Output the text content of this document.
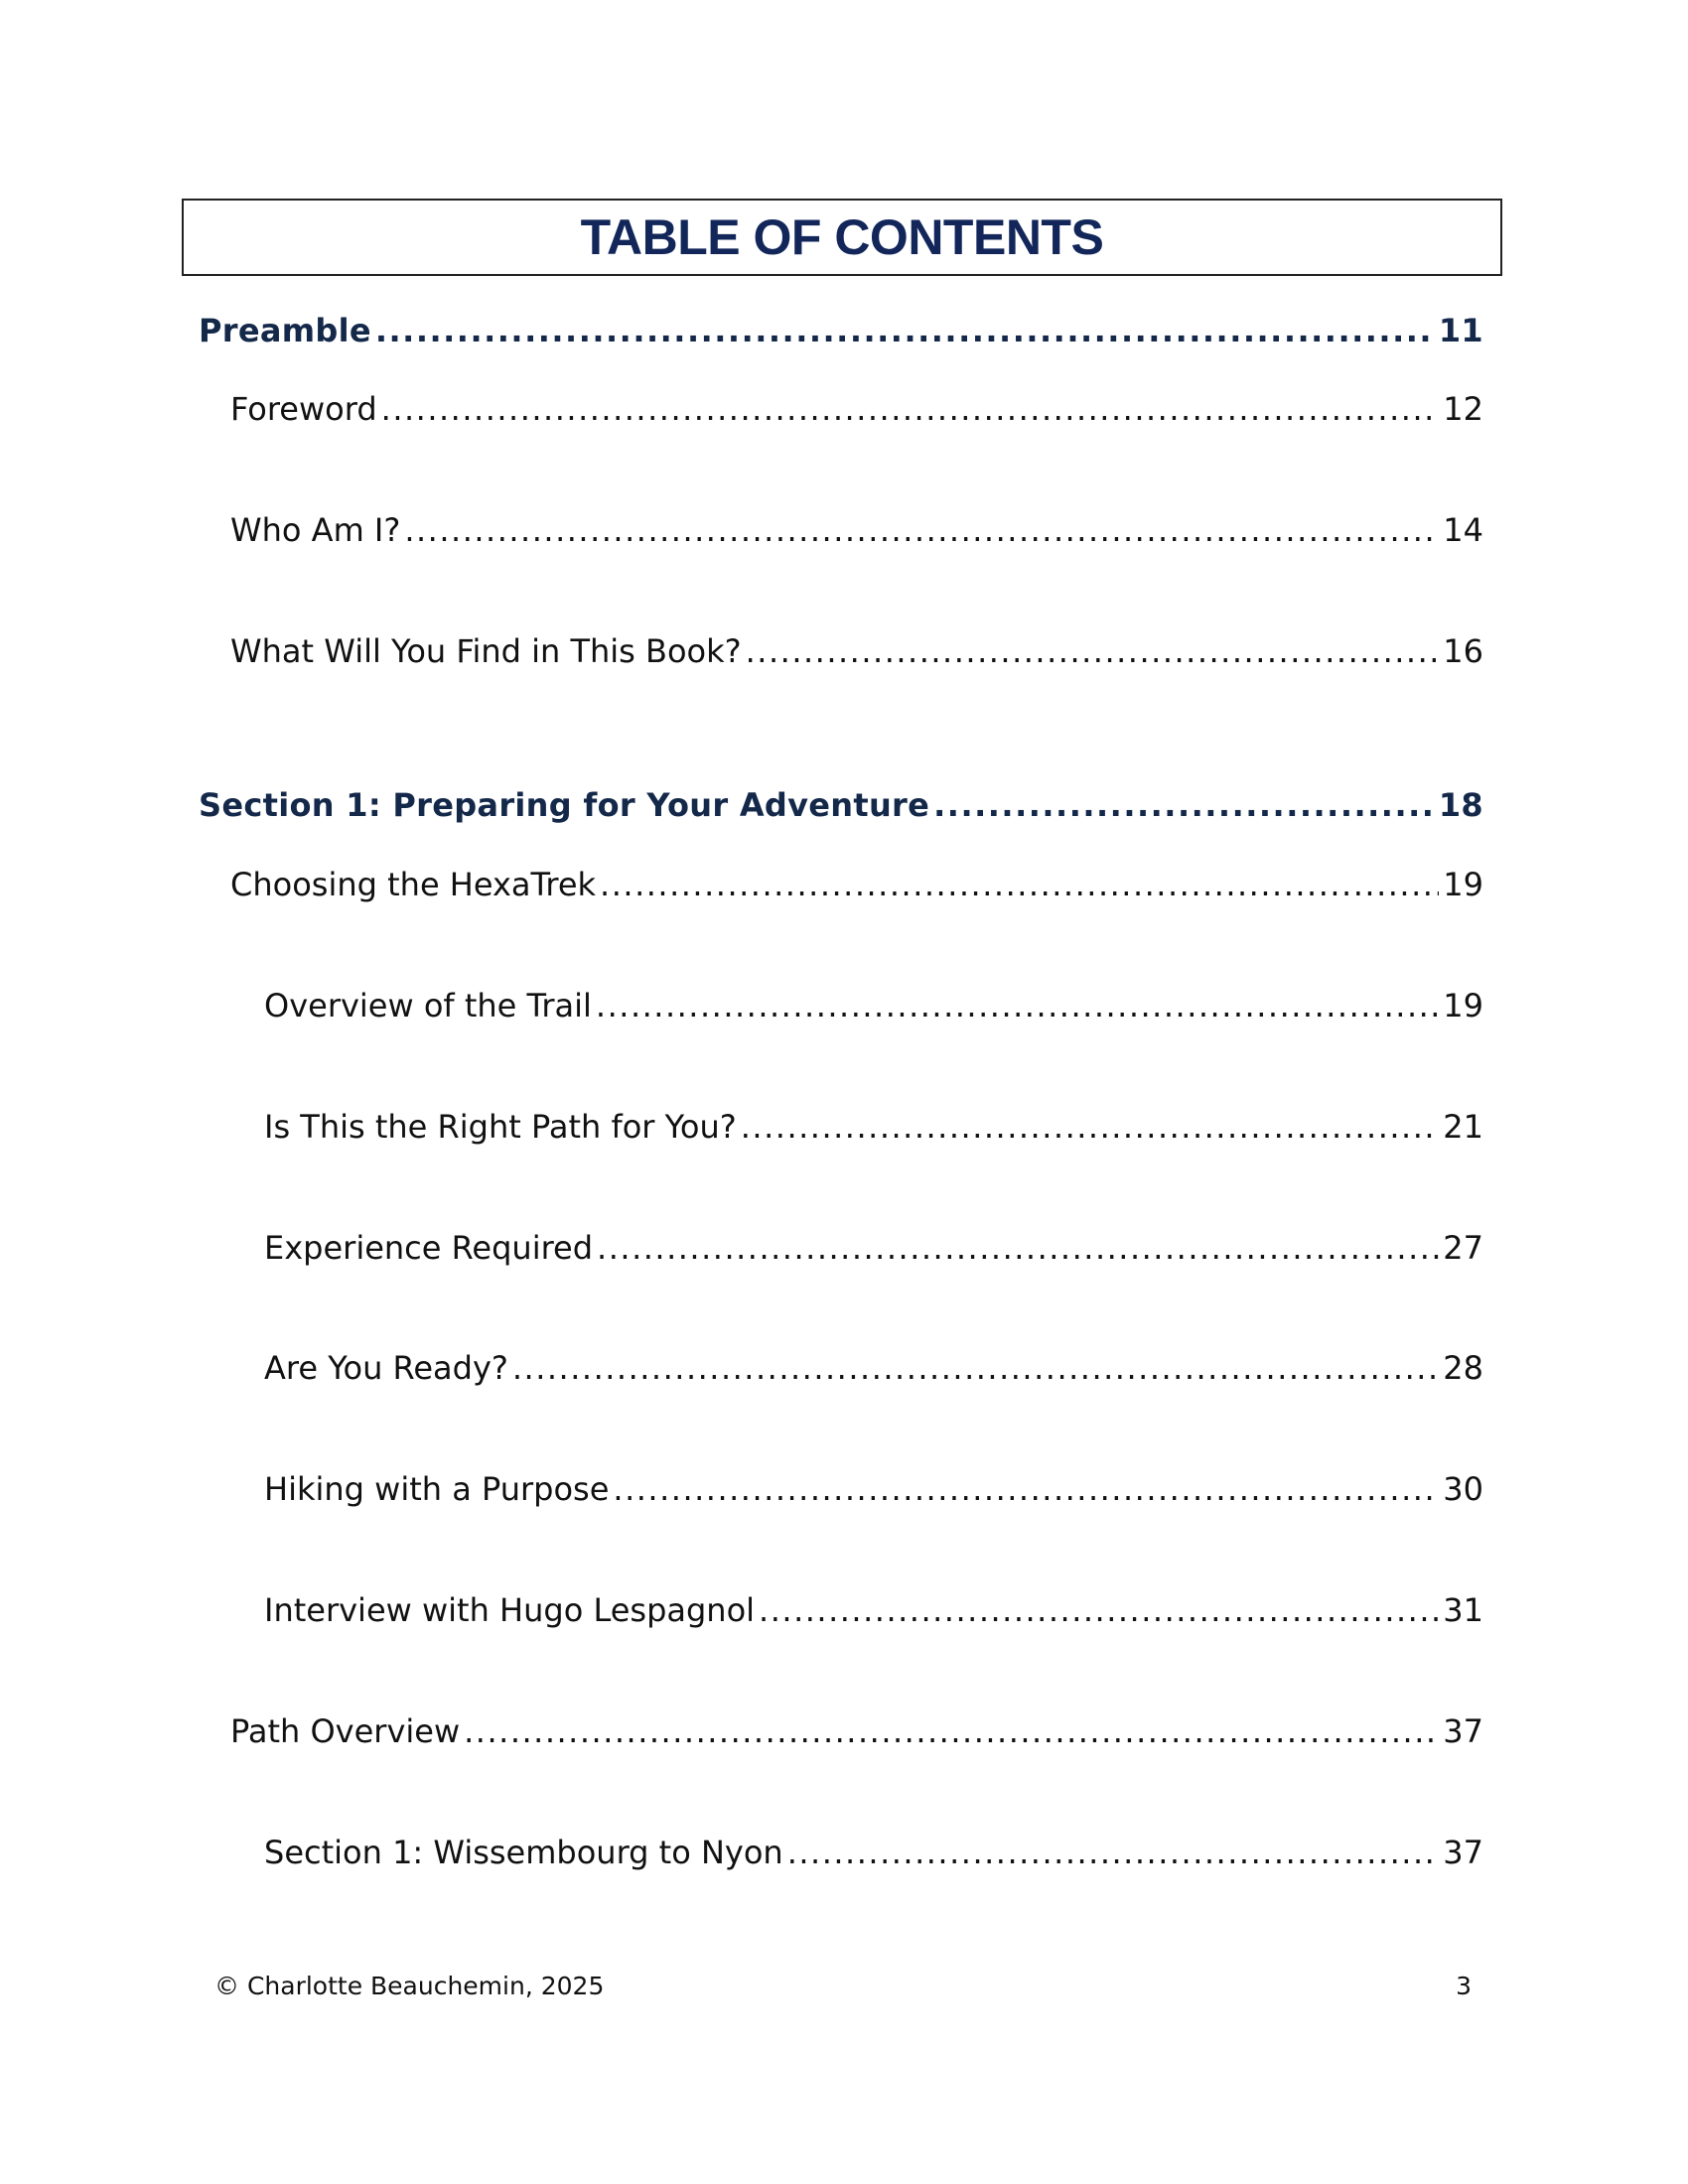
TABLE OF CONTENTS
Preamble .....	11
Foreword .....	12
Who Am I? .....	14
What Will You Find in This Book? .....	16
Section 1: Preparing for Your Adventure .....	18
Choosing the HexaTrek .....	19
Overview of the Trail .....	19
Is This the Right Path for You? .....	21
Experience Required .....	27
Are You Ready? .....	28
Hiking with a Purpose .....	30
Interview with Hugo Lespagnol .....	31
Path Overview .....	37
Section 1: Wissembourg to Nyon .....	37
© Charlotte Beauchemin, 2025	3
